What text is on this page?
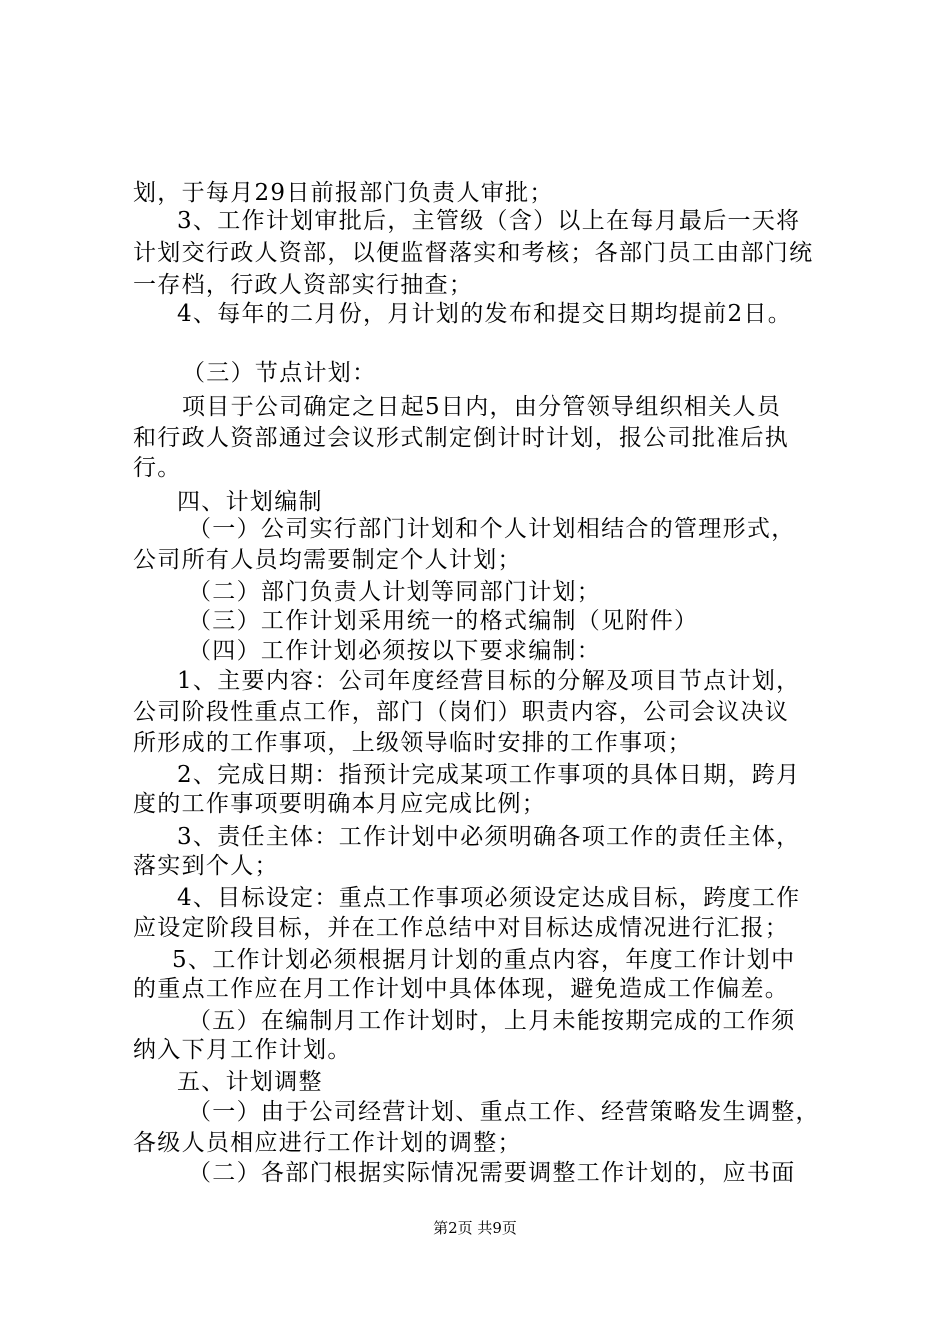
划，于每月29日前报部门负责人审批；
3、工作计划审批后，主管级（含）以上在每月最后一天将
计划交行政人资部，以便监督落实和考核；各部门员工由部门统
一存档，行政人资部实行抽查；
4、每年的二月份，月计划的发布和提交日期均提前2日。
（三）节点计划：
项目于公司确定之日起5日内，由分管领导组织相关人员
和行政人资部通过会议形式制定倒计时计划，报公司批准后执
行。
四、计划编制
（一）公司实行部门计划和个人计划相结合的管理形式，
公司所有人员均需要制定个人计划；
（二）部门负责人计划等同部门计划；
（三）工作计划采用统一的格式编制（见附件）
（四）工作计划必须按以下要求编制：
1、主要内容：公司年度经营目标的分解及项目节点计划，
公司阶段性重点工作，部门（岗们）职责内容，公司会议决议
所形成的工作事项，上级领导临时安排的工作事项；
2、完成日期：指预计完成某项工作事项的具体日期，跨月
度的工作事项要明确本月应完成比例；
3、责任主体：工作计划中必须明确各项工作的责任主体，
落实到个人；
4、目标设定：重点工作事项必须设定达成目标，跨度工作
应设定阶段目标，并在工作总结中对目标达成情况进行汇报；
5、工作计划必须根据月计划的重点内容，年度工作计划中
的重点工作应在月工作计划中具体体现，避免造成工作偏差。
（五）在编制月工作计划时，上月未能按期完成的工作须
纳入下月工作计划。
五、计划调整
（一）由于公司经营计划、重点工作、经营策略发生调整，
各级人员相应进行工作计划的调整；
（二）各部门根据实际情况需要调整工作计划的，应书面
第2页 共9页
